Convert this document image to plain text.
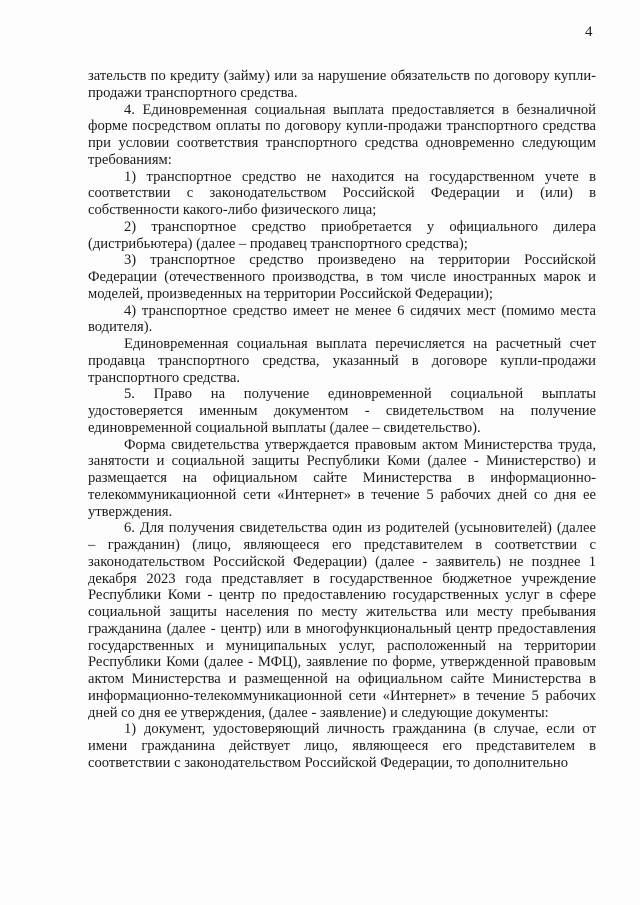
4

зательств по кредиту (займу) или за нарушение обязательств по договору купли-продажи транспортного средства.

4. Единовременная социальная выплата предоставляется в безналичной форме посредством оплаты по договору купли-продажи транспортного средства при условии соответствия транспортного средства одновременно следующим требованиям:

1) транспортное средство не находится на государственном учете в соответствии с законодательством Российской Федерации и (или) в собственности какого-либо физического лица;

2) транспортное средство приобретается у официального дилера (дистрибьютера) (далее – продавец транспортного средства);

3) транспортное средство произведено на территории Российской Федерации (отечественного производства, в том числе иностранных марок и моделей, произведенных на территории Российской Федерации);

4) транспортное средство имеет не менее 6 сидячих мест (помимо места водителя).

Единовременная социальная выплата перечисляется на расчетный счет продавца транспортного средства, указанный в договоре купли-продажи транспортного средства.

5. Право на получение единовременной социальной выплаты удостоверяется именным документом - свидетельством на получение единовременной социальной выплаты (далее – свидетельство).

Форма свидетельства утверждается правовым актом Министерства труда, занятости и социальной защиты Республики Коми (далее - Министерство) и размещается на официальном сайте Министерства в информационно-телекоммуникационной сети «Интернет» в течение 5 рабочих дней со дня ее утверждения.

6. Для получения свидетельства один из родителей (усыновителей) (далее – гражданин) (лицо, являющееся его представителем в соответствии с законодательством Российской Федерации) (далее - заявитель) не позднее 1 декабря 2023 года представляет в государственное бюджетное учреждение Республики Коми - центр по предоставлению государственных услуг в сфере социальной защиты населения по месту жительства или месту пребывания гражданина (далее - центр) или в многофункциональный центр предоставления государственных и муниципальных услуг, расположенный на территории Республики Коми (далее - МФЦ), заявление по форме, утвержденной правовым актом Министерства и размещенной на официальном сайте Министерства в информационно-телекоммуникационной сети «Интернет» в течение 5 рабочих дней со дня ее утверждения, (далее - заявление) и следующие документы:

1) документ, удостоверяющий личность гражданина (в случае, если от имени гражданина действует лицо, являющееся его представителем в соответствии с законодательством Российской Федерации, то дополнительно
